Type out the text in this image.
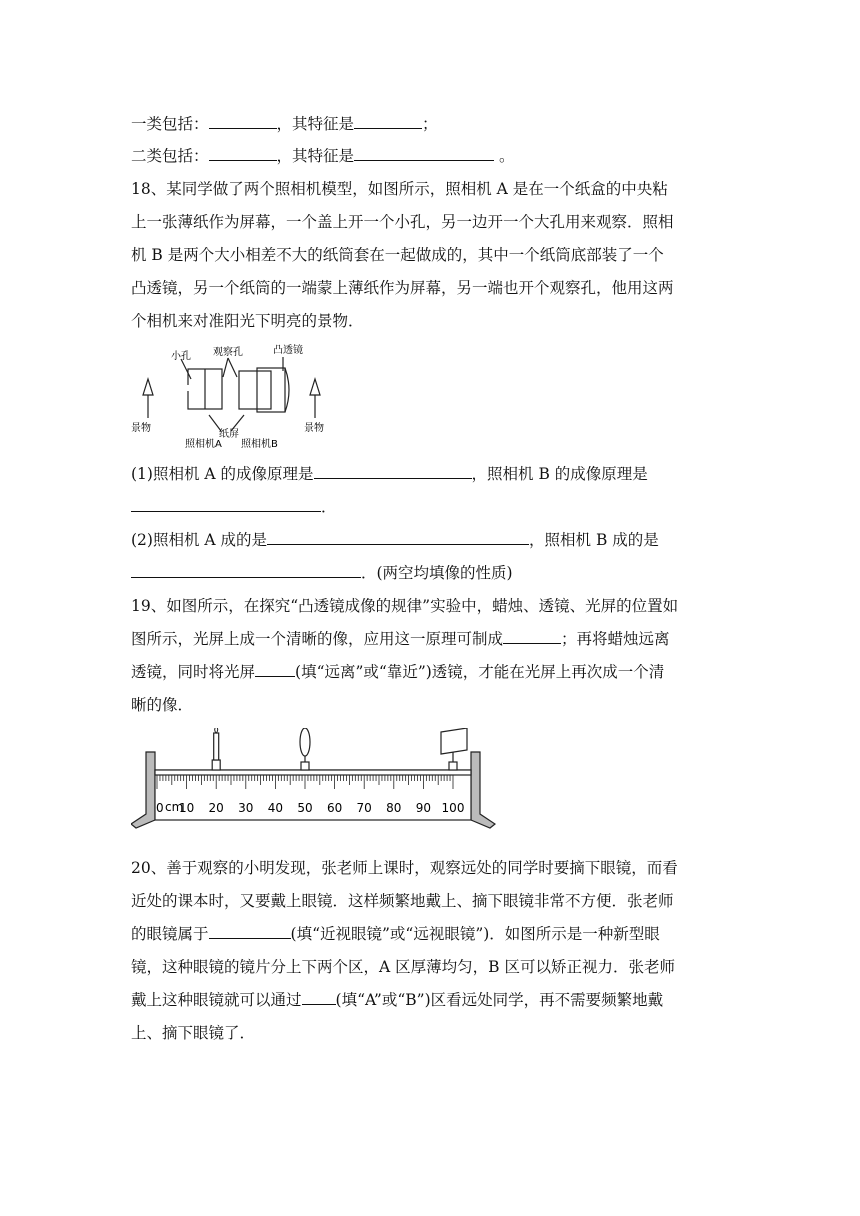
一类包括：	，其特征是	；
二类包括：	，其特征是	。
18、某同学做了两个照相机模型，如图所示，照相机 A 是在一个纸盒的中央粘
上一张薄纸作为屏幕，一个盖上开一个小孔，另一边开一个大孔用来观察．照相
机 B 是两个大小相差不大的纸筒套在一起做成的，其中一个纸筒底部装了一个
凸透镜，另一个纸筒的一端蒙上薄纸作为屏幕，另一端也开个观察孔，他用这两
个相机来对准阳光下明亮的景物．
小孔 观察孔	凸透镜
景物	景物
纸屏
照相机A 照相机B
(1)照相机 A 的成像原理是	，照相机 B 的成像原理是
．
(2)照相机 A 成的是	，照相机 B 成的是
．(两空均填像的性质)
19、如图所示，在探究“凸透镜成像的规律”实验中，蜡烛、透镜、光屏的位置如
图所示，光屏上成一个清晰的像，应用这一原理可制成	；再将蜡烛远离
透镜，同时将光屏	(填“远离”或“靠近”)透镜，才能在光屏上再次成一个清
晰的像．
0 10 20 30 40 50 60 70 80 90 100
cm
20、善于观察的小明发现，张老师上课时，观察远处的同学时要摘下眼镜，而看
近处的课本时，又要戴上眼镜．这样频繁地戴上、摘下眼镜非常不方便．张老师
的眼镜属于	(填“近视眼镜”或“远视眼镜”)．如图所示是一种新型眼
镜，这种眼镜的镜片分上下两个区，A 区厚薄均匀，B 区可以矫正视力．张老师
戴上这种眼镜就可以通过 (填“A”或“B”)区看远处同学，再不需要频繁地戴
上、摘下眼镜了．
